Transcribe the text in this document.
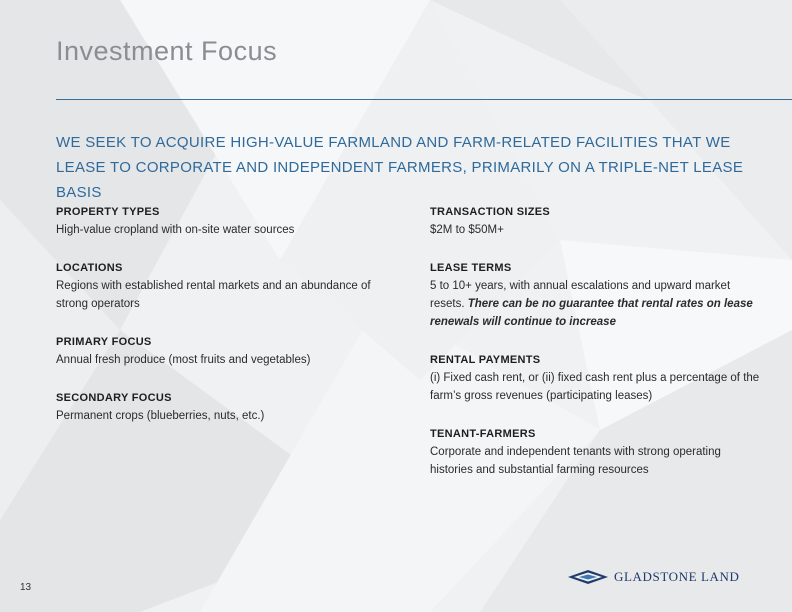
Investment Focus

WE SEEK TO ACQUIRE HIGH-VALUE FARMLAND AND FARM-RELATED FACILITIES THAT WE LEASE TO CORPORATE AND INDEPENDENT FARMERS, PRIMARILY ON A TRIPLE-NET LEASE BASIS

PROPERTY TYPES
High-value cropland with on-site water sources
LOCATIONS
Regions with established rental markets and an abundance of strong operators
PRIMARY FOCUS
Annual fresh produce (most fruits and vegetables)
SECONDARY FOCUS
Permanent crops (blueberries, nuts, etc.)
TRANSACTION SIZES
$2M to $50M+
LEASE TERMS
5 to 10+ years, with annual escalations and upward market resets. There can be no guarantee that rental rates on lease renewals will continue to increase
RENTAL PAYMENTS
(i) Fixed cash rent, or (ii) fixed cash rent plus a percentage of the farm’s gross revenues (participating leases)
TENANT-FARMERS
Corporate and independent tenants with strong operating histories and substantial farming resources
13
GLADSTONE LAND
